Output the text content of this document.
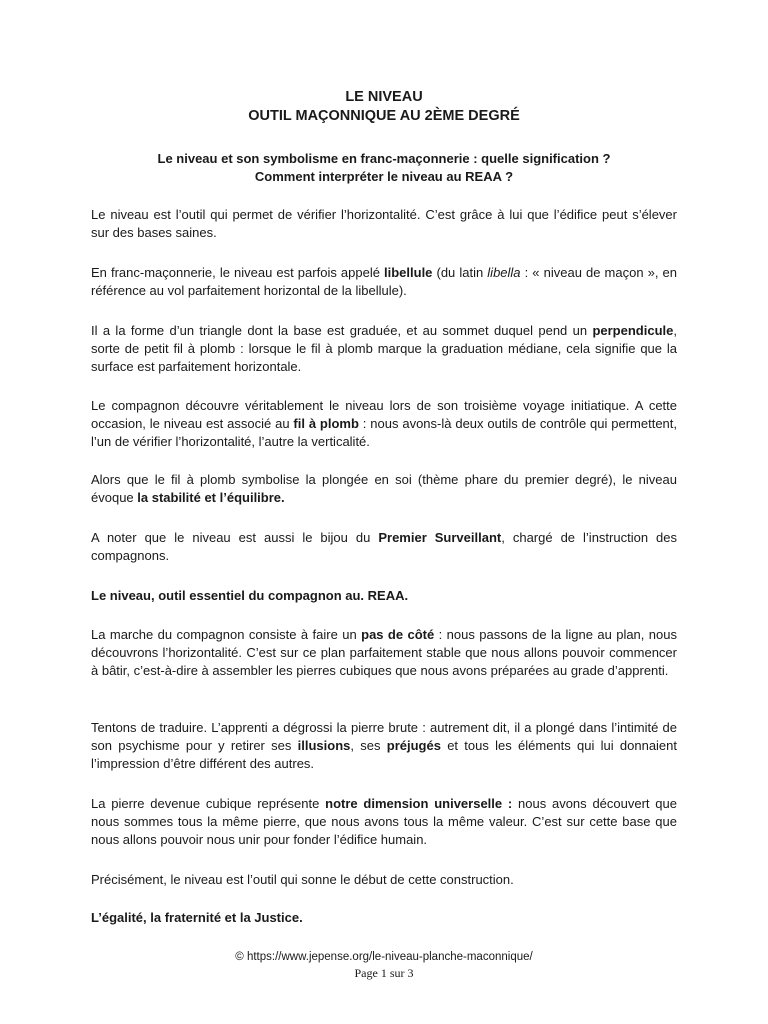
LE NIVEAU
OUTIL MAÇONNIQUE AU 2ÈME DEGRÉ
Le niveau et son symbolisme en franc-maçonnerie : quelle signification ?
Comment interpréter le niveau au REAA ?

Le niveau est l’outil qui permet de vérifier l’horizontalité. C’est grâce à lui que l’édifice peut s’élever sur des bases saines.

En franc-maçonnerie, le niveau est parfois appelé libellule (du latin libella : « niveau de maçon », en référence au vol parfaitement horizontal de la libellule).

Il a la forme d’un triangle dont la base est graduée, et au sommet duquel pend un perpendicule, sorte de petit fil à plomb : lorsque le fil à plomb marque la graduation médiane, cela signifie que la surface est parfaitement horizontale.

Le compagnon découvre véritablement le niveau lors de son troisième voyage initiatique. A cette occasion, le niveau est associé au fil à plomb : nous avons-là deux outils de contrôle qui permettent, l’un de vérifier l’horizontalité, l’autre la verticalité.

Alors que le fil à plomb symbolise la plongée en soi (thème phare du premier degré), le niveau évoque la stabilité et l’équilibre.

A noter que le niveau est aussi le bijou du Premier Surveillant, chargé de l’instruction des compagnons.

Le niveau, outil essentiel du compagnon au. REAA.

La marche du compagnon consiste à faire un pas de côté : nous passons de la ligne au plan, nous découvrons l’horizontalité. C’est sur ce plan parfaitement stable que nous allons pouvoir commencer à bâtir, c’est-à-dire à assembler les pierres cubiques que nous avons préparées au grade d’apprenti.

Tentons de traduire. L’apprenti a dégrossi la pierre brute : autrement dit, il a plongé dans l’intimité de son psychisme pour y retirer ses illusions, ses préjugés et tous les éléments qui lui donnaient l’impression d’être différent des autres.

La pierre devenue cubique représente notre dimension universelle : nous avons découvert que nous sommes tous la même pierre, que nous avons tous la même valeur. C’est sur cette base que nous allons pouvoir nous unir pour fonder l’édifice humain.

Précisément, le niveau est l’outil qui sonne le début de cette construction.

L’égalité, la fraternité et la Justice.

© https://www.jepense.org/le-niveau-planche-maconnique/
Page 1 sur 3
